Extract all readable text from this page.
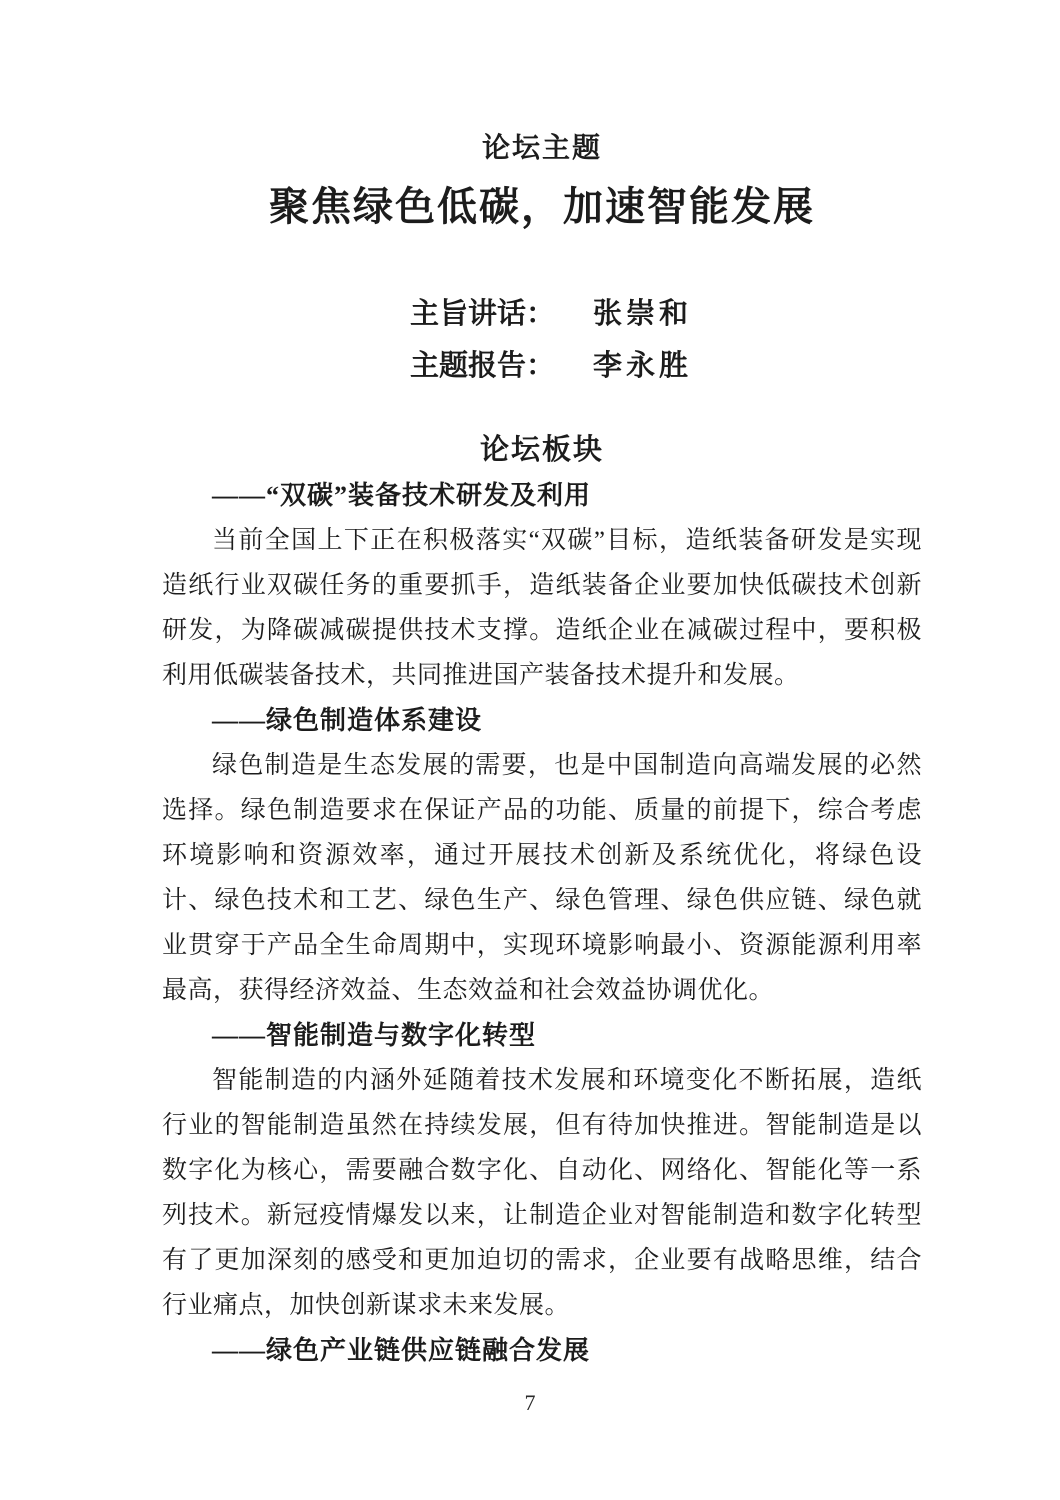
论坛主题
聚焦绿色低碳，加速智能发展
主旨讲话： 张崇和
主题报告： 李永胜
论坛板块
——“双碳”装备技术研发及利用

当前全国上下正在积极落实“双碳”目标，造纸装备研发是实现造纸行业双碳任务的重要抓手，造纸装备企业要加快低碳技术创新研发，为降碳减碳提供技术支撑。造纸企业在减碳过程中，要积极利用低碳装备技术，共同推进国产装备技术提升和发展。

——绿色制造体系建设

绿色制造是生态发展的需要，也是中国制造向高端发展的必然选择。绿色制造要求在保证产品的功能、质量的前提下，综合考虑环境影响和资源效率，通过开展技术创新及系统优化，将绿色设计、绿色技术和工艺、绿色生产、绿色管理、绿色供应链、绿色就业贯穿于产品全生命周期中，实现环境影响最小、资源能源利用率最高，获得经济效益、生态效益和社会效益协调优化。

——智能制造与数字化转型

智能制造的内涵外延随着技术发展和环境变化不断拓展，造纸行业的智能制造虽然在持续发展，但有待加快推进。智能制造是以数字化为核心，需要融合数字化、自动化、网络化、智能化等一系列技术。新冠疫情爆发以来，让制造企业对智能制造和数字化转型有了更加深刻的感受和更加迫切的需求，企业要有战略思维，结合行业痛点，加快创新谋求未来发展。

——绿色产业链供应链融合发展
7
